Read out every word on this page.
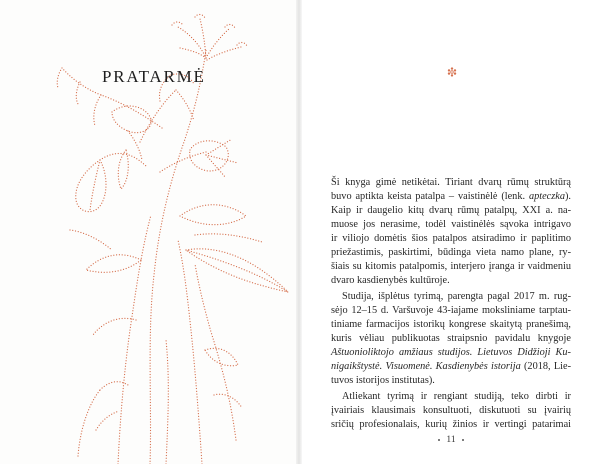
PRATARMĖ
Ši knyga gimė netikėtai. Tiriant dvarų rūmų struktūrą
buvo aptikta keista patalpa – vaistinėlė (lenk. apteczka).
Kaip ir daugelio kitų dvarų rūmų patalpų, XXI a. na-
muose jos nerasime, todėl vaistinėlės sąvoka intrigavo
ir viliojo domėtis šios patalpos atsiradimo ir paplitimo
priežastimis, paskirtimi, būdinga vieta namo plane, ry-
šiais su kitomis patalpomis, interjero įranga ir vaidmeniu
dvaro kasdienybės kultūroje.
Studija, išplėtus tyrimą, parengta pagal 2017 m. rug-
sėjo 12–15 d. Varšuvoje 43-iajame moksliniame tarptau-
tiniame farmacijos istorikų kongrese skaitytą pranešimą,
kuris vėliau publikuotas straipsnio pavidalu knygoje
Aštuonioliktojo amžiaus studijos. Lietuvos Didžioji Ku-
nigaikštystė. Visuomenė. Kasdienybės istorija (2018, Lie-
tuvos istorijos institutas).
Atliekant tyrimą ir rengiant studiją, teko dirbti ir
įvairiais klausimais konsultuoti, diskutuoti su įvairių
sričių profesionalais, kurių žinios ir vertingi patarimai
11
